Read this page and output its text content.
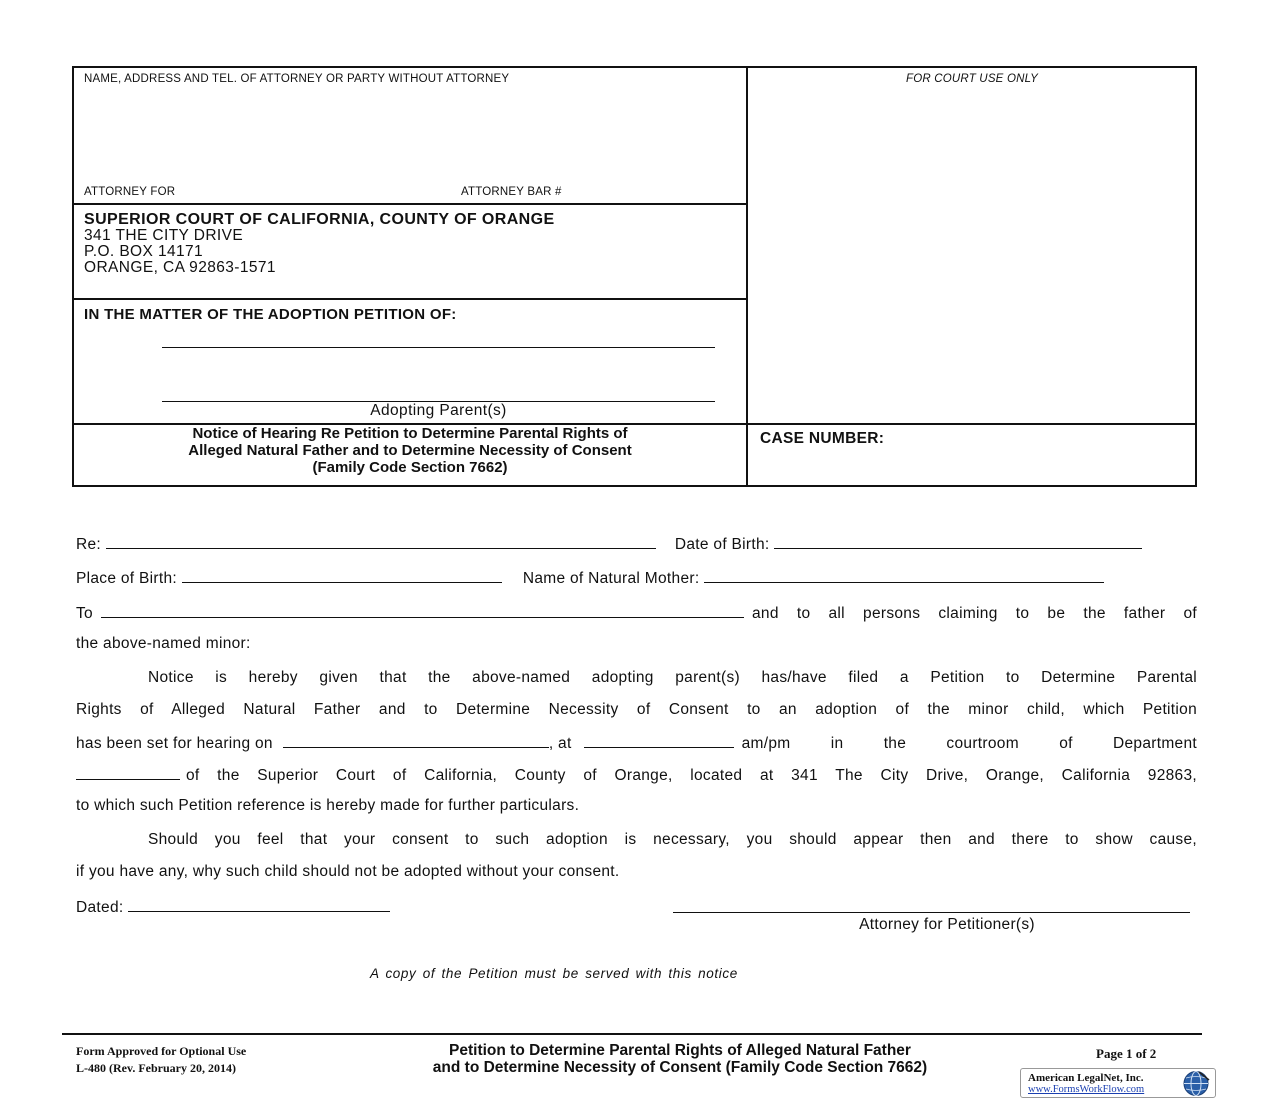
NAME, ADDRESS AND TEL. OF ATTORNEY OR PARTY WITHOUT ATTORNEY
ATTORNEY FOR	ATTORNEY BAR #
FOR COURT USE ONLY
SUPERIOR COURT OF CALIFORNIA, COUNTY OF ORANGE
341 THE CITY DRIVE
P.O. BOX 14171
ORANGE, CA 92863-1571
IN THE MATTER OF THE ADOPTION PETITION OF:
Adopting Parent(s)
Notice of Hearing Re Petition to Determine Parental Rights of
Alleged Natural Father and to Determine Necessity of Consent
(Family Code Section 7662)
CASE NUMBER:
Re:	Date of Birth:
Place of Birth:	Name of Natural Mother:
To	and to all persons claiming to be the father of
the above-named minor:
Notice is hereby given that the above-named adopting parent(s) has/have filed a Petition to Determine Parental
Rights of Alleged Natural Father and to Determine Necessity of Consent to an adoption of the minor child, which Petition
has been set for hearing on	, at	am/pm in the courtroom of Department
of the Superior Court of California, County of Orange, located at 341 The City Drive, Orange, California 92863,
to which such Petition reference is hereby made for further particulars.
Should you feel that your consent to such adoption is necessary, you should appear then and there to show cause,
if you have any, why such child should not be adopted without your consent.
Dated:
Attorney for Petitioner(s)
A copy of the Petition must be served with this notice
Form Approved for Optional Use
L-480 (Rev. February 20, 2014)
Petition to Determine Parental Rights of Alleged Natural Father
and to Determine Necessity of Consent (Family Code Section 7662)
Page 1 of 2
American LegalNet, Inc.
www.FormsWorkFlow.com
